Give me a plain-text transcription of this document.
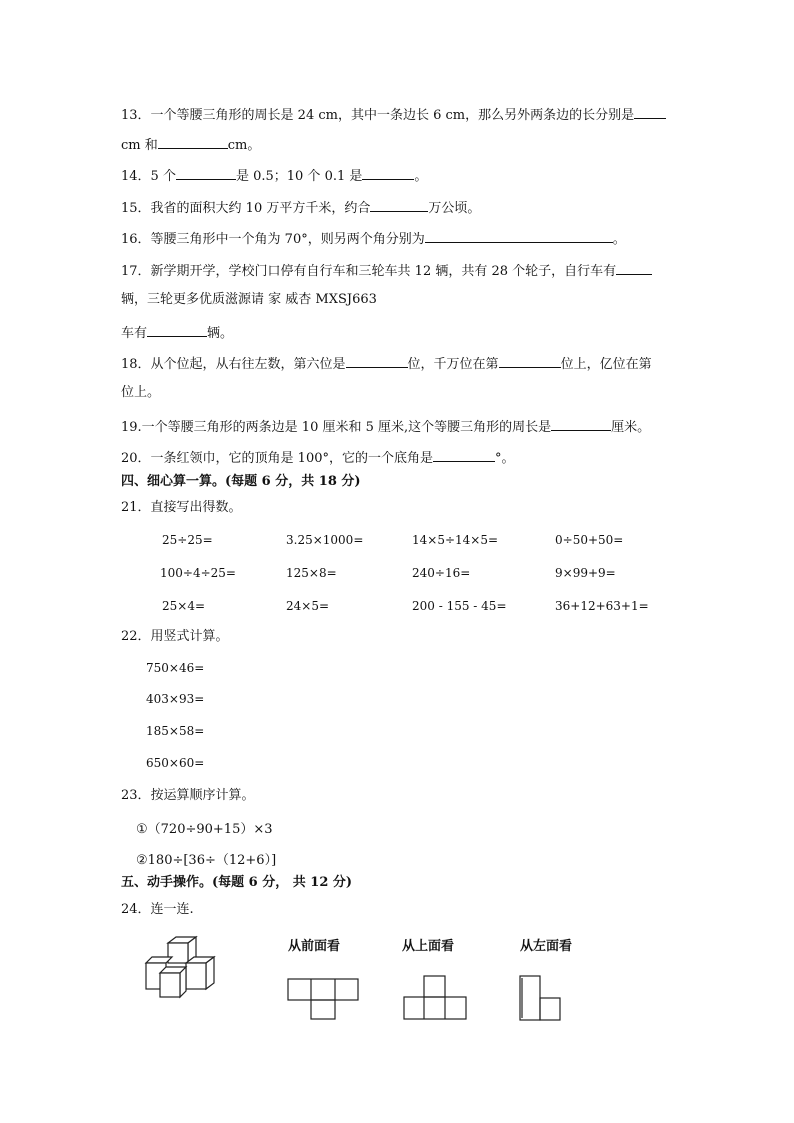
13．一个等腰三角形的周长是 24 cm，其中一条边长 6 cm，那么另外两条边的长分别是
cm 和	cm。
14．5 个	是 0.5；10 个 0.1 是	。
15．我省的面积大约 10 万平方千米，约合	万公顷。
16．等腰三角形中一个角为 70°，则另两个角分别为	。
17．新学期开学，学校门口停有自行车和三轮车共 12 辆，共有 28 个轮子，自行车有
辆，三轮更多优质滋源请 家 威杏 MXSJ663
车有	辆。
18．从个位起，从右往左数，第六位是	位，千万位在第	位上，亿位在第
位上。
19.一个等腰三角形的两条边是 10 厘米和 5 厘米,这个等腰三角形的周长是	厘米。
20．一条红领巾，它的顶角是 100°，它的一个底角是	°。
四、细心算一算。(每题 6 分，共 18 分)
21．直接写出得数。
25÷25=	3.25×1000=	14×5÷14×5=	0÷50+50=
100÷4÷25=	125×8=	240÷16=	9×99+9=
25×4=	24×5=	200 - 155 - 45=	36+12+63+1=
22．用竖式计算。
750×46=
403×93=
185×58=
650×60=
23．按运算顺序计算。
①（720÷90+15）×3
②180÷[36÷（12+6）]
五、动手操作。(每题 6 分， 共 12 分)
24．连一连.
从前面看	从上面看	从左面看
